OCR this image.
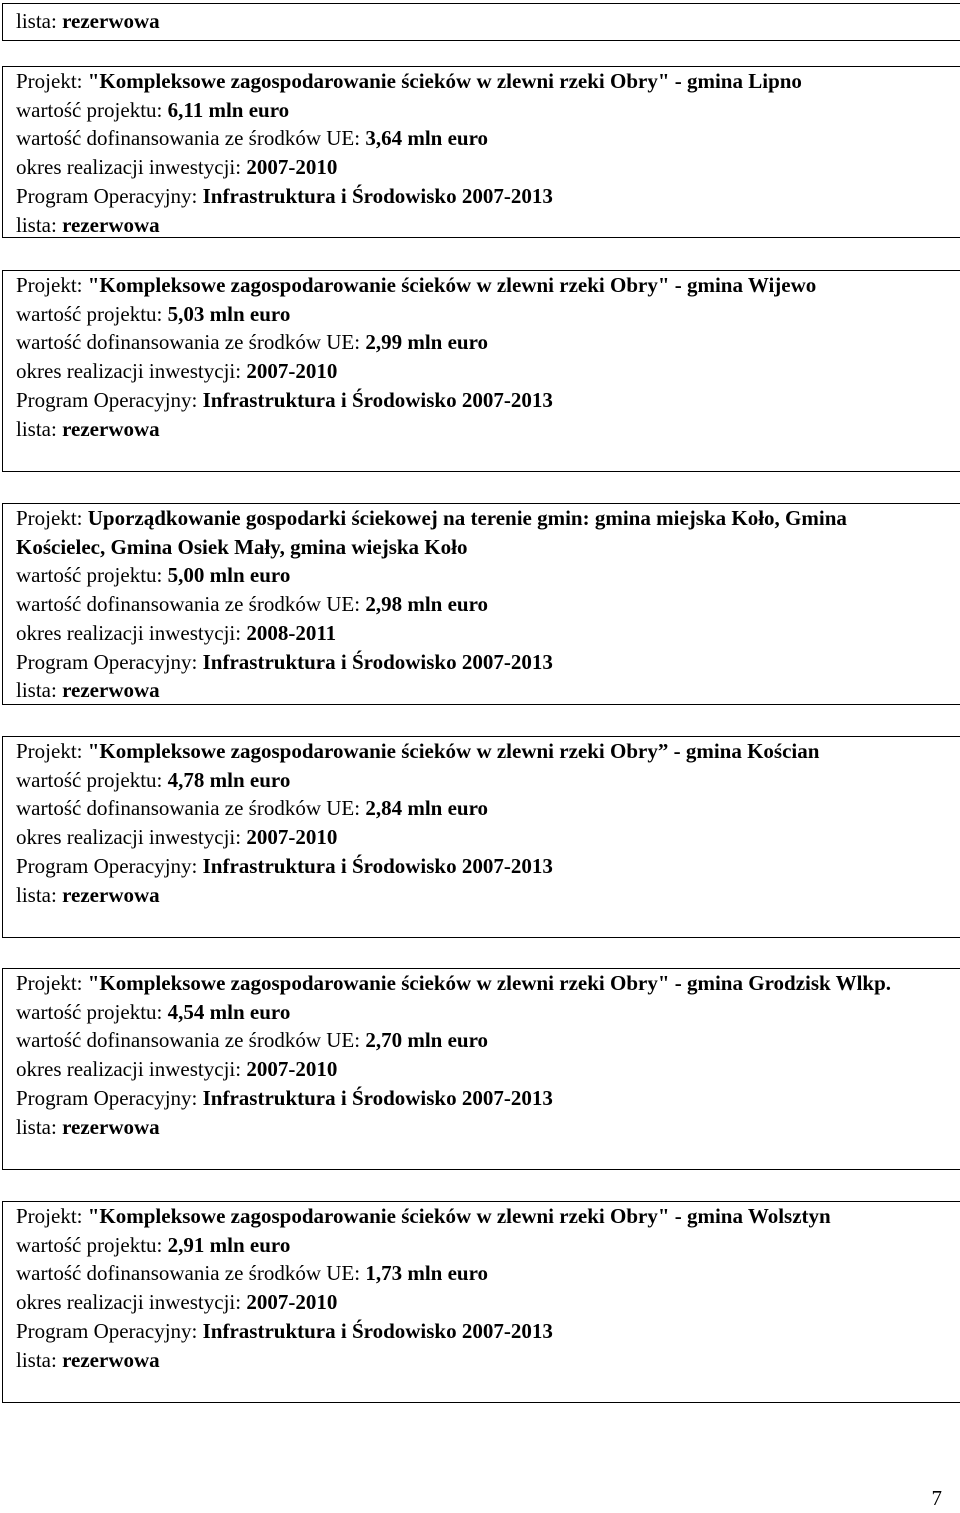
lista: rezerwowa
Projekt: "Kompleksowe zagospodarowanie ścieków w zlewni rzeki Obry" - gmina Lipno
wartość projektu: 6,11 mln euro
wartość dofinansowania ze środków UE: 3,64 mln euro
okres realizacji inwestycji: 2007-2010
Program Operacyjny: Infrastruktura i Środowisko 2007-2013
lista: rezerwowa
Projekt: "Kompleksowe zagospodarowanie ścieków w zlewni rzeki Obry" - gmina Wijewo
wartość projektu: 5,03 mln euro
wartość dofinansowania ze środków UE: 2,99 mln euro
okres realizacji inwestycji: 2007-2010
Program Operacyjny: Infrastruktura i Środowisko 2007-2013
lista: rezerwowa
Projekt: Uporządkowanie gospodarki ściekowej na terenie gmin: gmina miejska Koło, Gmina Kościelec, Gmina Osiek Mały, gmina wiejska Koło
wartość projektu: 5,00 mln euro
wartość dofinansowania ze środków UE: 2,98 mln euro
okres realizacji inwestycji: 2008-2011
Program Operacyjny: Infrastruktura i Środowisko 2007-2013
lista: rezerwowa
Projekt: "Kompleksowe zagospodarowanie ścieków w zlewni rzeki Obry” - gmina Kościan
wartość projektu: 4,78 mln euro
wartość dofinansowania ze środków UE: 2,84 mln euro
okres realizacji inwestycji: 2007-2010
Program Operacyjny: Infrastruktura i Środowisko 2007-2013
lista: rezerwowa
Projekt: "Kompleksowe zagospodarowanie ścieków w zlewni rzeki Obry" - gmina Grodzisk Wlkp.
wartość projektu: 4,54 mln euro
wartość dofinansowania ze środków UE: 2,70 mln euro
okres realizacji inwestycji: 2007-2010
Program Operacyjny: Infrastruktura i Środowisko 2007-2013
lista: rezerwowa
Projekt: "Kompleksowe zagospodarowanie ścieków w zlewni rzeki Obry" - gmina Wolsztyn
wartość projektu: 2,91 mln euro
wartość dofinansowania ze środków UE: 1,73 mln euro
okres realizacji inwestycji: 2007-2010
Program Operacyjny: Infrastruktura i Środowisko 2007-2013
lista: rezerwowa
7
